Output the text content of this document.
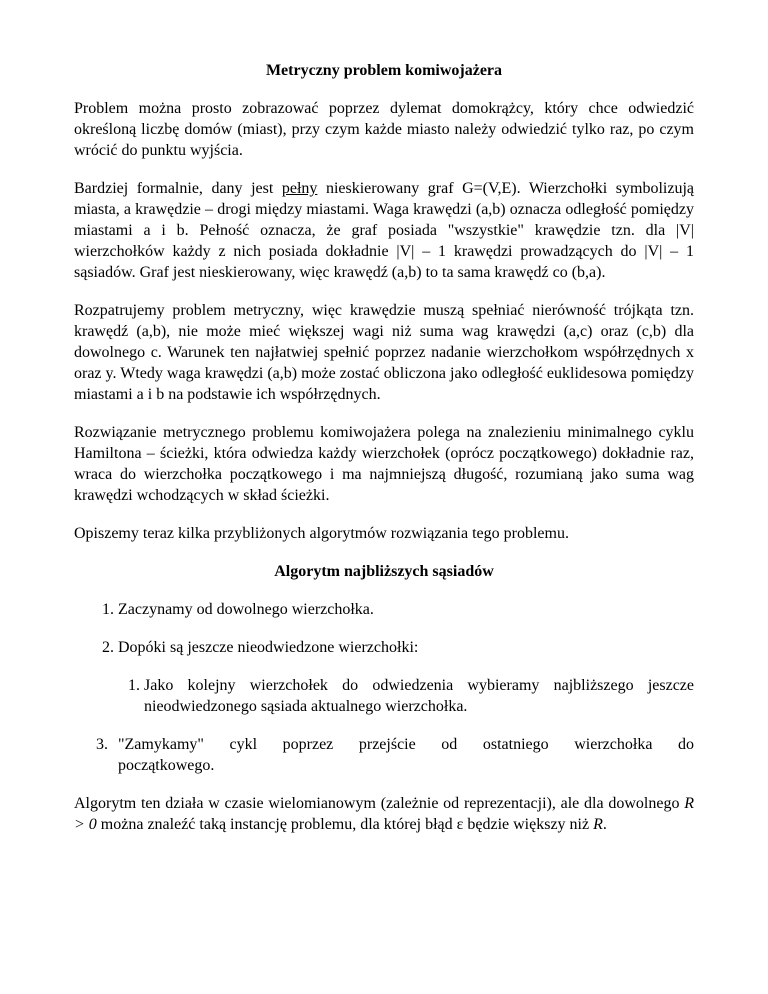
Metryczny problem komiwojażera

Problem można prosto zobrazować poprzez dylemat domokrążcy, który chce odwiedzić określoną liczbę domów (miast), przy czym każde miasto należy odwiedzić tylko raz, po czym wrócić do punktu wyjścia.

Bardziej formalnie, dany jest pełny nieskierowany graf G=(V,E). Wierzchołki symbolizują miasta, a krawędzie – drogi między miastami. Waga krawędzi (a,b) oznacza odległość pomiędzy miastami a i b. Pełność oznacza, że graf posiada "wszystkie" krawędzie tzn. dla |V| wierzchołków każdy z nich posiada dokładnie |V| – 1 krawędzi prowadzących do |V| – 1 sąsiadów. Graf jest nieskierowany, więc krawędź (a,b) to ta sama krawędź co (b,a).

Rozpatrujemy problem metryczny, więc krawędzie muszą spełniać nierówność trójkąta tzn. krawędź (a,b), nie może mieć większej wagi niż suma wag krawędzi (a,c) oraz (c,b) dla dowolnego c. Warunek ten najłatwiej spełnić poprzez nadanie wierzchołkom współrzędnych x oraz y. Wtedy waga krawędzi (a,b) może zostać obliczona jako odległość euklidesowa pomiędzy miastami a i b na podstawie ich współrzędnych.

Rozwiązanie metrycznego problemu komiwojażera polega na znalezieniu minimalnego cyklu Hamiltona – ścieżki, która odwiedza każdy wierzchołek (oprócz początkowego) dokładnie raz, wraca do wierzchołka początkowego i ma najmniejszą długość, rozumianą jako suma wag krawędzi wchodzących w skład ścieżki.

Opiszemy teraz kilka przybliżonych algorytmów rozwiązania tego problemu.

Algorytm najbliższych sąsiadów
1. Zaczynamy od dowolnego wierzchołka.
2. Dopóki są jeszcze nieodwiedzone wierzchołki:
1. Jako kolejny wierzchołek do odwiedzenia wybieramy najbliższego jeszcze nieodwiedzonego sąsiada aktualnego wierzchołka.
3. "Zamykamy" cykl poprzez przejście od ostatniego wierzchołka do
początkowego.

Algorytm ten działa w czasie wielomianowym (zależnie od reprezentacji), ale dla dowolnego R > 0 można znaleźć taką instancję problemu, dla której błąd ε będzie większy niż R.
